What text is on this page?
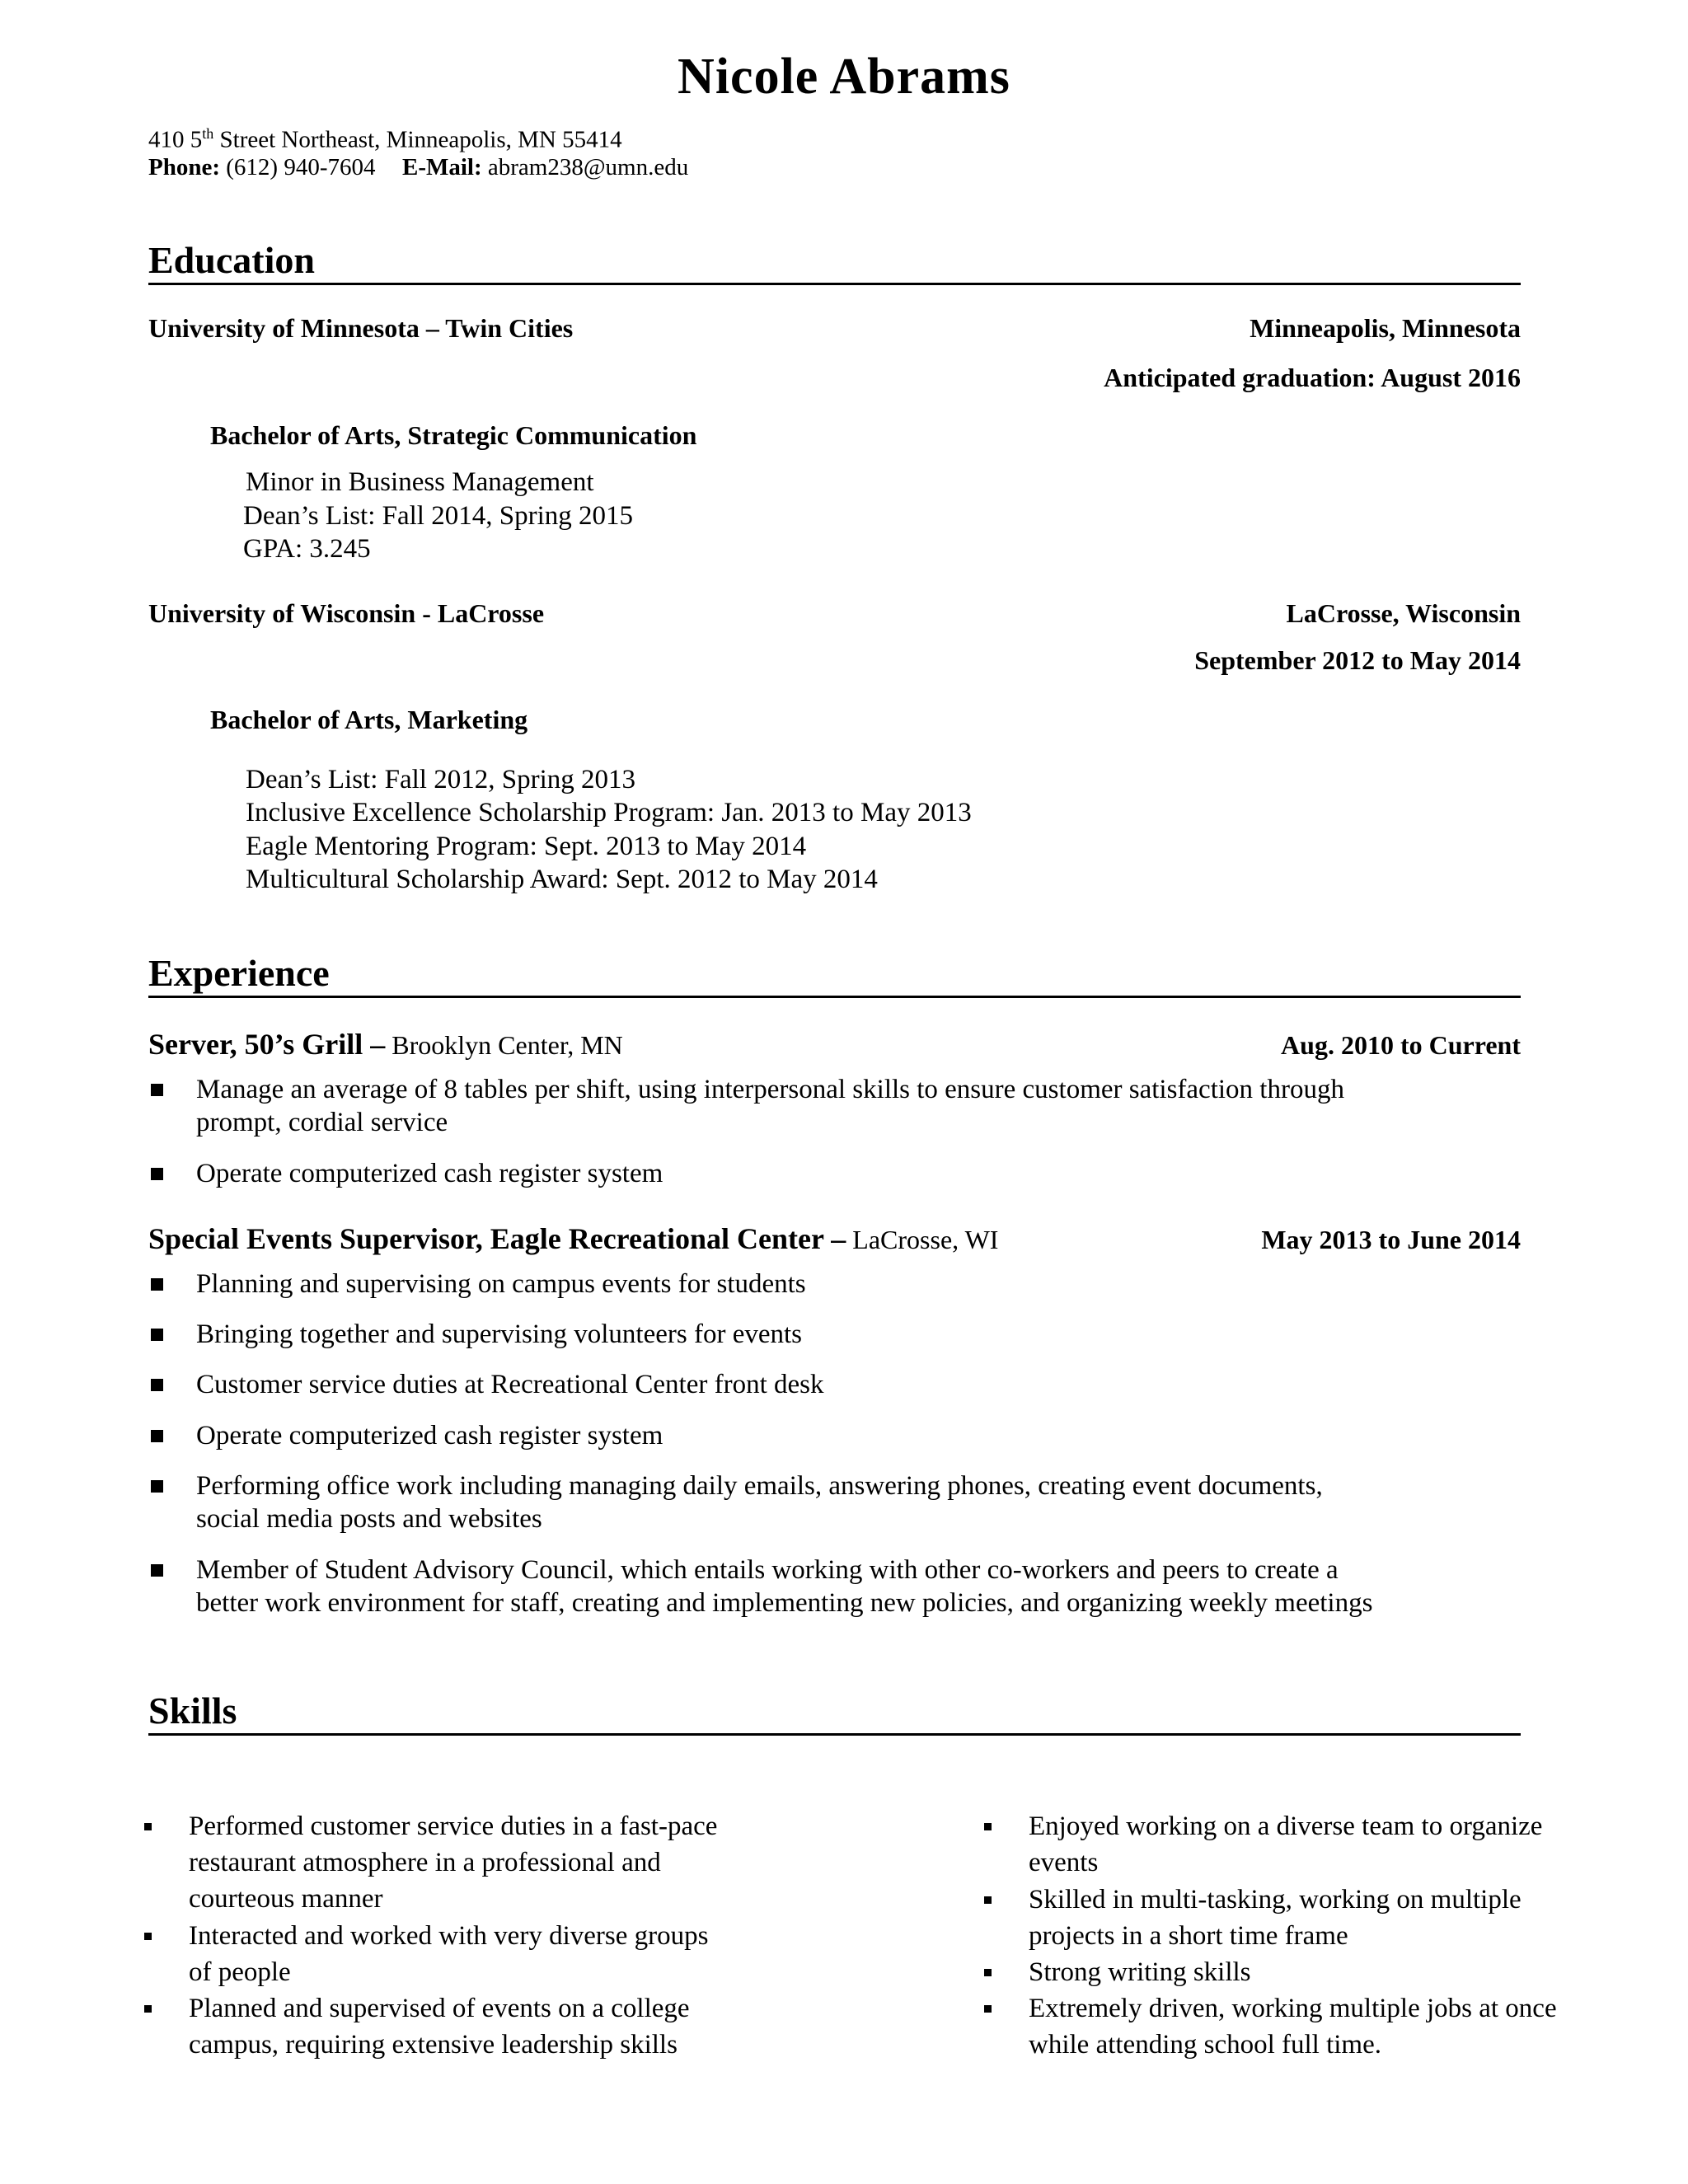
Nicole Abrams
410 5th Street Northeast, Minneapolis, MN 55414
Phone: (612) 940-7604 E-Mail: abram238@umn.edu
Education
University of Minnesota – Twin Cities	Minneapolis, Minnesota
Anticipated graduation: August 2016
Bachelor of Arts, Strategic Communication
Minor in Business Management
Dean’s List: Fall 2014, Spring 2015
GPA: 3.245
University of Wisconsin - LaCrosse	LaCrosse, Wisconsin
September 2012 to May 2014
Bachelor of Arts, Marketing
Dean’s List: Fall 2012, Spring 2013
Inclusive Excellence Scholarship Program: Jan. 2013 to May 2013
Eagle Mentoring Program: Sept. 2013 to May 2014
Multicultural Scholarship Award: Sept. 2012 to May 2014
Experience
Server, 50’s Grill – Brooklyn Center, MN	Aug. 2010 to Current
Manage an average of 8 tables per shift, using interpersonal skills to ensure customer satisfaction through
prompt, cordial service
Operate computerized cash register system
Special Events Supervisor, Eagle Recreational Center – LaCrosse, WI	May 2013 to June 2014
Planning and supervising on campus events for students
Bringing together and supervising volunteers for events
Customer service duties at Recreational Center front desk
Operate computerized cash register system
Performing office work including managing daily emails, answering phones, creating event documents,
social media posts and websites
Member of Student Advisory Council, which entails working with other co-workers and peers to create a
better work environment for staff, creating and implementing new policies, and organizing weekly meetings
Skills
Performed customer service duties in a fast-pace
restaurant atmosphere in a professional and
courteous manner
Interacted and worked with very diverse groups
of people
Planned and supervised of events on a college
campus, requiring extensive leadership skills
Enjoyed working on a diverse team to organize
events
Skilled in multi-tasking, working on multiple
projects in a short time frame
Strong writing skills
Extremely driven, working multiple jobs at once
while attending school full time.
